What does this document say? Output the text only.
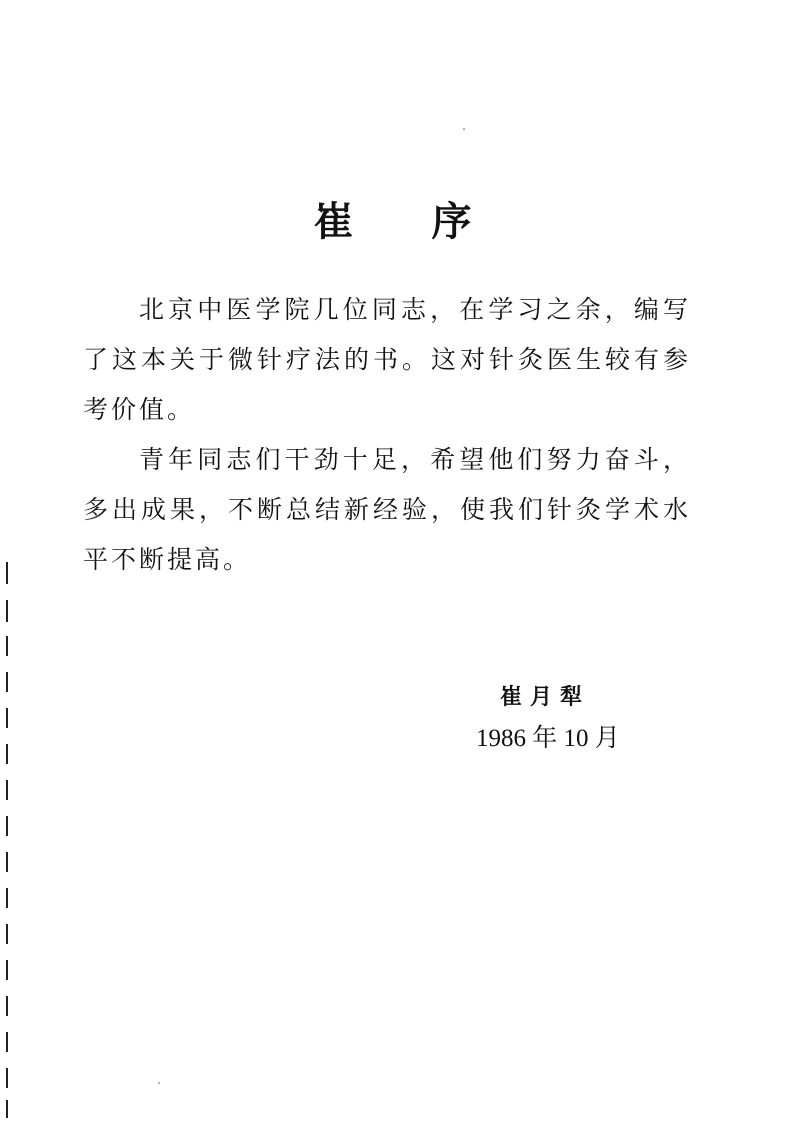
崔 序

北京中医学院几位同志，在学习之余，编写了这本关于微针疗法的书。这对针灸医生较有参考价值。

青年同志们干劲十足，希望他们努力奋斗，多出成果，不断总结新经验，使我们针灸学术水平不断提高。

崔月犁
1986 年 10 月
